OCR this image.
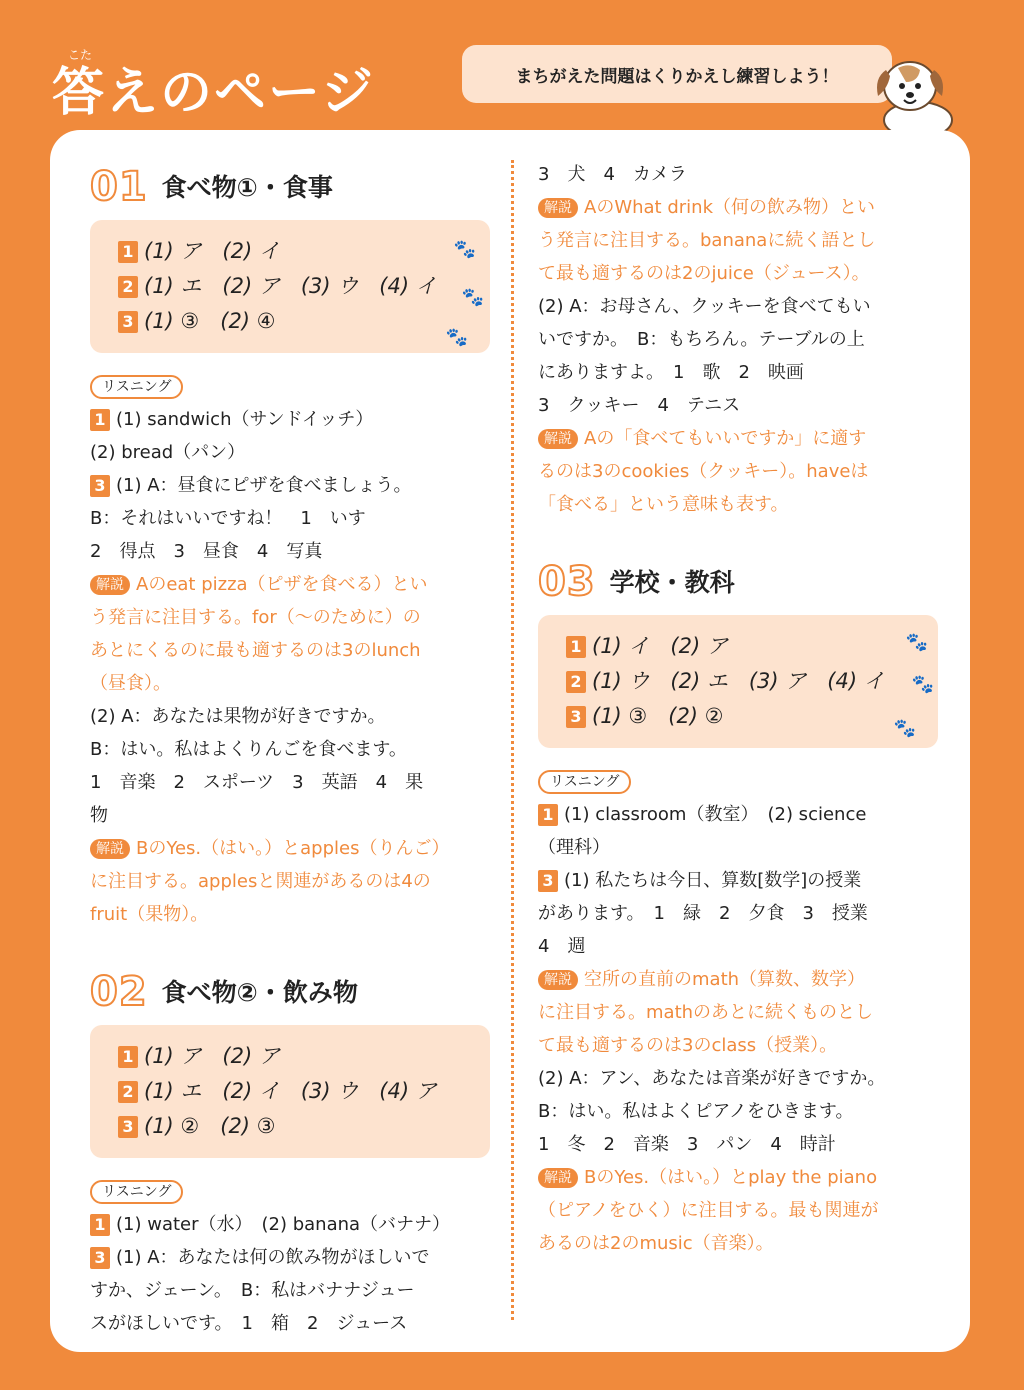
こた
答えのページ	まちがえた問題はくりかえし練習しよう！
01 食べ物①・食事
1 (1) ア　(2) イ
2 (1) エ　(2) ア　(3) ウ　(4) イ
3 (1) ③　(2) ④
🐾
🐾
🐾
リスニング

1 (1) sandwich（サンドイッチ）

(2) bread（パン）

3 (1) A：昼食にピザを食べましょう。

B：それはいいですね！　1　いす

2　得点　3　昼食　4　写真

解説 Aのeat pizza（ピザを食べる）とい

う発言に注目する。for（～のために）の

あとにくるのに最も適するのは3のlunch

（昼食）。

(2) A：あなたは果物が好きですか。

B：はい。私はよくりんごを食べます。

1　音楽　2　スポーツ　3　英語　4　果

物

解説 BのYes.（はい。）とapples（りんご）

に注目する。applesと関連があるのは4の

fruit（果物）。

02 食べ物②・飲み物
1 (1) ア　(2) ア
2 (1) エ　(2) イ　(3) ウ　(4) ア
3 (1) ②　(2) ③
リスニング

1 (1) water（水）　(2) banana（バナナ）

3 (1) A：あなたは何の飲み物がほしいで

すか、ジェーン。　B：私はバナナジュー

スがほしいです。　1　箱　2　ジュース

3　犬　4　カメラ

解説 AのWhat drink（何の飲み物）とい

う発言に注目する。bananaに続く語とし

て最も適するのは2のjuice（ジュース）。

(2) A：お母さん、クッキーを食べてもい

いですか。　B：もちろん。テーブルの上

にありますよ。　1　歌　2　映画

3　クッキー　4　テニス

解説 Aの「食べてもいいですか」に適す

るのは3のcookies（クッキー）。haveは

「食べる」という意味も表す。

03 学校・教科
1 (1) イ　(2) ア
2 (1) ウ　(2) エ　(3) ア　(4) イ
3 (1) ③　(2) ②
🐾
🐾
🐾
リスニング

1 (1) classroom（教室）　(2) science

（理科）

3 (1) 私たちは今日、算数[数学]の授業

があります。　1　緑　2　夕食　3　授業

4　週

解説 空所の直前のmath（算数、数学）

に注目する。mathのあとに続くものとし

て最も適するのは3のclass（授業）。

(2) A：アン、あなたは音楽が好きですか。

B：はい。私はよくピアノをひきます。

1　冬　2　音楽　3　パン　4　時計

解説 BのYes.（はい。）とplay the piano

（ピアノをひく）に注目する。最も関連が

あるのは2のmusic（音楽）。
